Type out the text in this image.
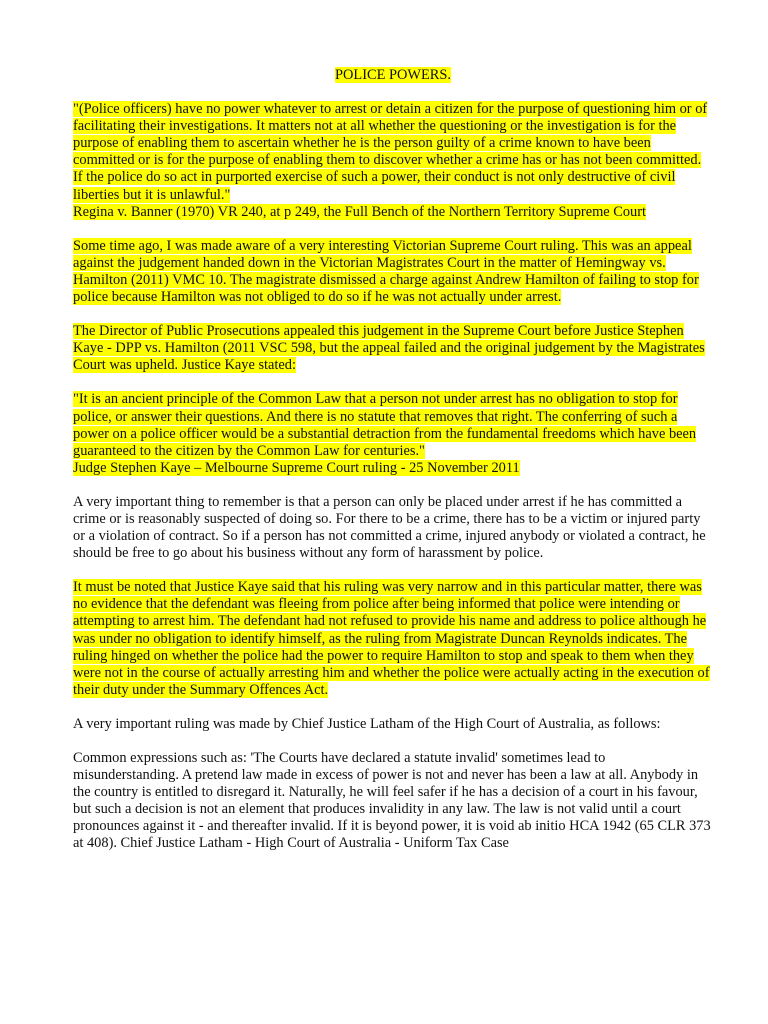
POLICE POWERS.
"(Police officers) have no power whatever to arrest or detain a citizen for the purpose of questioning him or of facilitating their investigations. It matters not at all whether the questioning or the investigation is for the purpose of enabling them to ascertain whether he is the person guilty of a crime known to have been committed or is for the purpose of enabling them to discover whether a crime has or has not been committed. If the police do so act in purported exercise of such a power, their conduct is not only destructive of civil liberties but it is unlawful."
Regina v. Banner (1970) VR 240, at p 249, the Full Bench of the Northern Territory Supreme Court
Some time ago, I was made aware of a very interesting Victorian Supreme Court ruling. This was an appeal against the judgement handed down in the Victorian Magistrates Court in the matter of Hemingway vs. Hamilton (2011) VMC 10. The magistrate dismissed a charge against Andrew Hamilton of failing to stop for police because Hamilton was not obliged to do so if he was not actually under arrest.
The Director of Public Prosecutions appealed this judgement in the Supreme Court before Justice Stephen Kaye - DPP vs. Hamilton (2011 VSC 598, but the appeal failed and the original judgement by the Magistrates Court was upheld. Justice Kaye stated:
"It is an ancient principle of the Common Law that a person not under arrest has no obligation to stop for police, or answer their questions. And there is no statute that removes that right. The conferring of such a power on a police officer would be a substantial detraction from the fundamental freedoms which have been guaranteed to the citizen by the Common Law for centuries."
Judge Stephen Kaye – Melbourne Supreme Court ruling - 25 November 2011
A very important thing to remember is that a person can only be placed under arrest if he has committed a crime or is reasonably suspected of doing so. For there to be a crime, there has to be a victim or injured party or a violation of contract. So if a person has not committed a crime, injured anybody or violated a contract, he should be free to go about his business without any form of harassment by police.
It must be noted that Justice Kaye said that his ruling was very narrow and in this particular matter, there was no evidence that the defendant was fleeing from police after being informed that police were intending or attempting to arrest him. The defendant had not refused to provide his name and address to police although he was under no obligation to identify himself, as the ruling from Magistrate Duncan Reynolds indicates. The ruling hinged on whether the police had the power to require Hamilton to stop and speak to them when they were not in the course of actually arresting him and whether the police were actually acting in the execution of their duty under the Summary Offences Act.
A very important ruling was made by Chief Justice Latham of the High Court of Australia, as follows:
Common expressions such as: 'The Courts have declared a statute invalid' sometimes lead to misunderstanding. A pretend law made in excess of power is not and never has been a law at all. Anybody in the country is entitled to disregard it. Naturally, he will feel safer if he has a decision of a court in his favour, but such a decision is not an element that produces invalidity in any law. The law is not valid until a court pronounces against it - and thereafter invalid. If it is beyond power, it is void ab initio HCA 1942 (65 CLR 373 at 408). Chief Justice Latham - High Court of Australia - Uniform Tax Case
